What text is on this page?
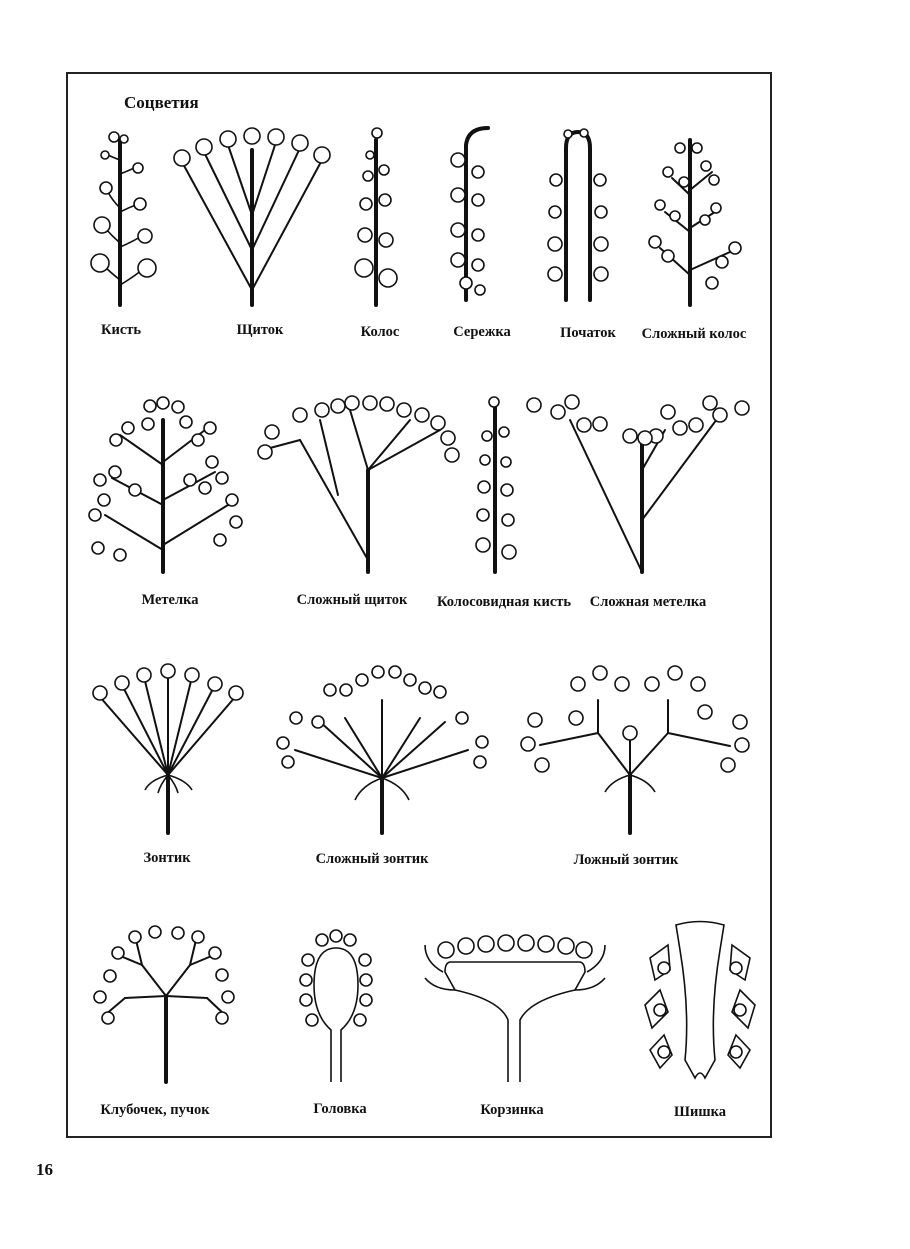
Соцветия
Кисть	Щиток	Колос	Сережка	Початок Сложный колос
Метелка	Сложный щиток Колосовидная кисть Сложная метелка
Зонтик	Сложный зонтик	Ложный зонтик
Клубочек, пучок	Головка	Корзинка	Шишка
16
